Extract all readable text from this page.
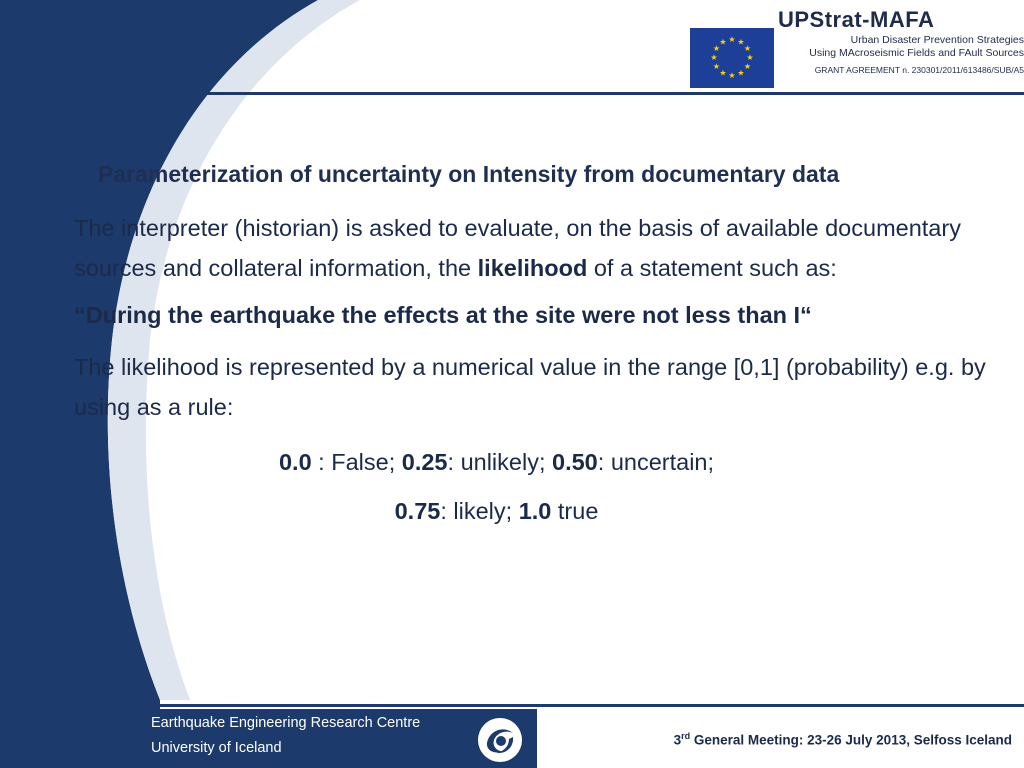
★ ★
★
★
★
★
★
★
★
★
★
★
UPStrat-MAFA
Urban Disaster Prevention Strategies
Using MAcroseismic Fields and FAult Sources
GRANT AGREEMENT n. 230301/2011/613486/SUB/A5

Parameterization of uncertainty on Intensity from documentary data

The interpreter (historian) is asked to evaluate, on the basis of available documentary sources and collateral information, the likelihood of a statement such as:

“During the earthquake the effects at the site were not less than I“

The likelihood is represented by a numerical value in the range [0,1] (probability) e.g. by using as a rule:

0.0 : False; 0.25: unlikely; 0.50: uncertain;

0.75: likely; 1.0 true

Earthquake Engineering Research Centre
University of Iceland	3rd General Meeting: 23-26 July 2013, Selfoss Iceland
